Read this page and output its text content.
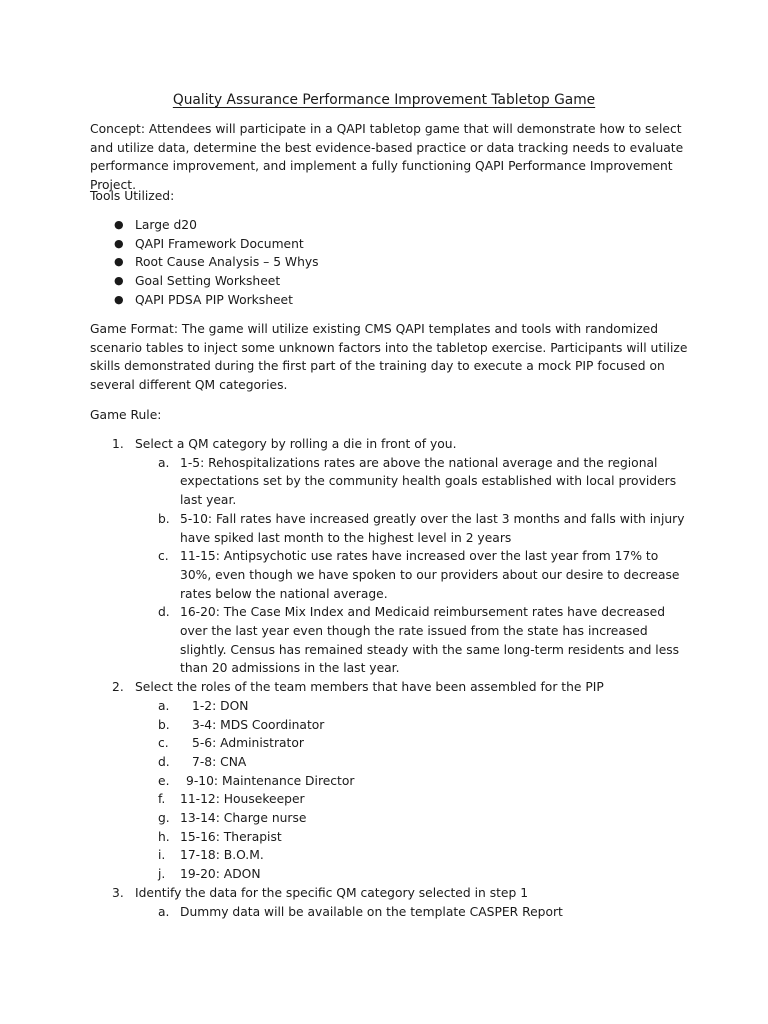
Quality Assurance Performance Improvement Tabletop Game

Concept: Attendees will participate in a QAPI tabletop game that will demonstrate how to select and utilize data, determine the best evidence-based practice or data tracking needs to evaluate performance improvement, and implement a fully functioning QAPI Performance Improvement Project.

Tools Utilized:

● Large d20
● QAPI Framework Document
● Root Cause Analysis – 5 Whys
● Goal Setting Worksheet
● QAPI PDSA PIP Worksheet

Game Format: The game will utilize existing CMS QAPI templates and tools with randomized scenario tables to inject some unknown factors into the tabletop exercise. Participants will utilize skills demonstrated during the first part of the training day to execute a mock PIP focused on several different QM categories.

Game Rule:

1. Select a QM category by rolling a die in front of you.
a. 1-5: Rehospitalizations rates are above the national average and the regional expectations set by the community health goals established with local providers last year.
b. 5-10: Fall rates have increased greatly over the last 3 months and falls with injury have spiked last month to the highest level in 2 years
c. 11-15: Antipsychotic use rates have increased over the last year from 17% to 30%, even though we have spoken to our providers about our desire to decrease rates below the national average.
d. 16-20: The Case Mix Index and Medicaid reimbursement rates have decreased over the last year even though the rate issued from the state has increased slightly. Census has remained steady with the same long-term residents and less than 20 admissions in the last year.
2. Select the roles of the team members that have been assembled for the PIP
a. 1-2: DON
b. 3-4: MDS Coordinator
c. 5-6: Administrator
d. 7-8: CNA
e. 9-10: Maintenance Director
f. 11-12: Housekeeper
g. 13-14: Charge nurse
h. 15-16: Therapist
i. 17-18: B.O.M.
j. 19-20: ADON
3. Identify the data for the specific QM category selected in step 1
a. Dummy data will be available on the template CASPER Report
